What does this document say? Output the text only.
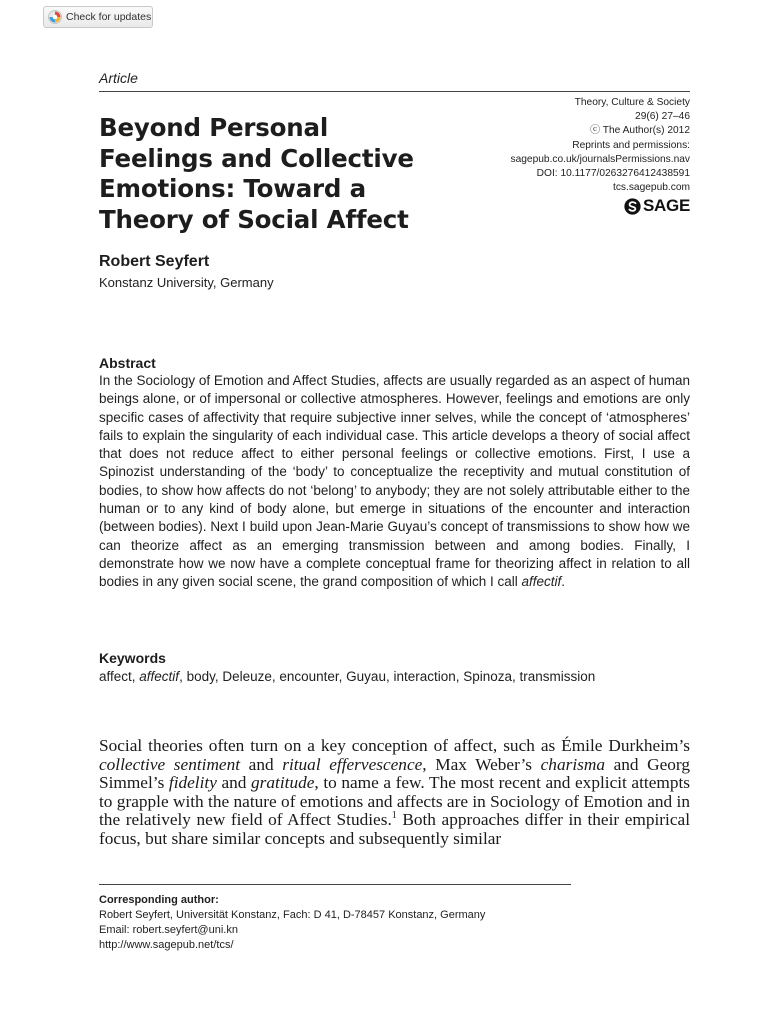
Check for updates
Article
Theory, Culture & Society
29(6) 27–46
ⓒ The Author(s) 2012
Reprints and permissions:
sagepub.co.uk/journalsPermissions.nav
DOI: 10.1177/0263276412438591
tcs.sagepub.com
SAGE
Beyond Personal
Feelings and Collective
Emotions: Toward a
Theory of Social Affect
Robert Seyfert
Konstanz University, Germany
Abstract
In the Sociology of Emotion and Affect Studies, affects are usually regarded as an aspect of human beings alone, or of impersonal or collective atmospheres. However, feelings and emotions are only specific cases of affectivity that require subjective inner selves, while the concept of ‘atmospheres’ fails to explain the singularity of each individual case. This article develops a theory of social affect that does not reduce affect to either personal feelings or collective emotions. First, I use a Spinozist understanding of the ‘body’ to conceptualize the receptivity and mutual constitution of bodies, to show how affects do not ‘belong’ to anybody; they are not solely attributable either to the human or to any kind of body alone, but emerge in situations of the encounter and interaction (between bodies). Next I build upon Jean-Marie Guyau’s concept of transmissions to show how we can theorize affect as an emerging transmission between and among bodies. Finally, I demonstrate how we now have a complete conceptual frame for theorizing affect in relation to all bodies in any given social scene, the grand composition of which I call affectif.
Keywords
affect, affectif, body, Deleuze, encounter, Guyau, interaction, Spinoza, transmission
Social theories often turn on a key conception of affect, such as Émile Durkheim’s collective sentiment and ritual effervescence, Max Weber’s charisma and Georg Simmel’s fidelity and gratitude, to name a few. The most recent and explicit attempts to grapple with the nature of emotions and affects are in Sociology of Emotion and in the relatively new field of Affect Studies.$^1$ Both approaches differ in their empirical focus, but share similar concepts and subsequently similar
Corresponding author:
Robert Seyfert, Universität Konstanz, Fach: D 41, D-78457 Konstanz, Germany
Email: robert.seyfert@uni.kn
http://www.sagepub.net/tcs/
